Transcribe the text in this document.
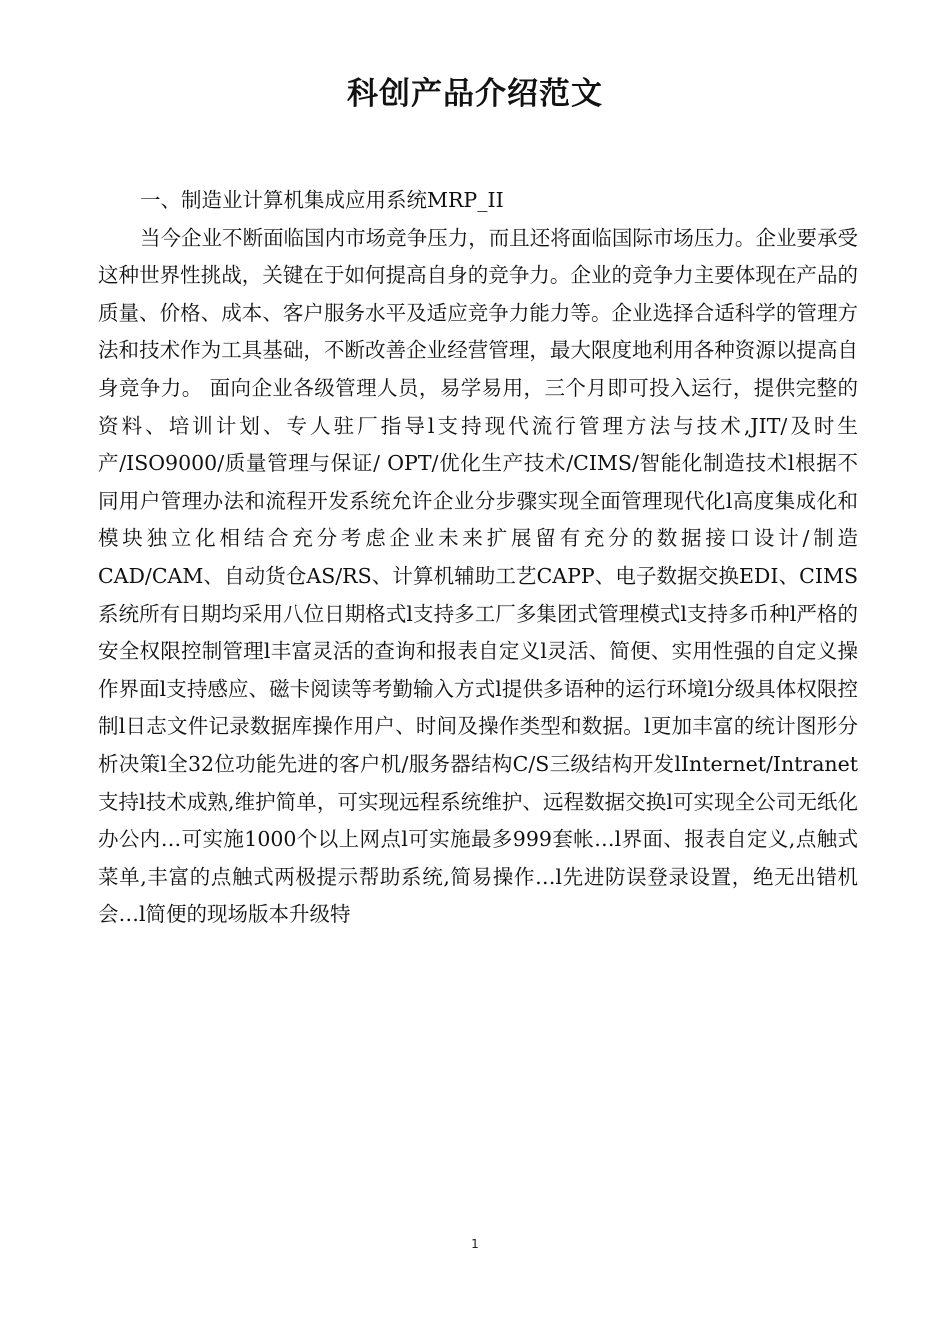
科创产品介绍范文

一、制造业计算机集成应用系统MRP_II

当今企业不断面临国内市场竞争压力，而且还将面临国际市场压力。企业要承受这种世界性挑战，关键在于如何提高自身的竞争力。企业的竞争力主要体现在产品的质量、价格、成本、客户服务水平及适应竞争力能力等。企业选择合适科学的管理方法和技术作为工具基础，不断改善企业经营管理，最大限度地利用各种资源以提高自身竞争力。 面向企业各级管理人员，易学易用，三个月即可投入运行，提供完整的资料、培训计划、专人驻厂指导l支持现代流行管理方法与技术,JIT/及时生产/ISO9000/质量管理与保证/ OPT/优化生产技术/CIMS/智能化制造技术l根据不同用户管理办法和流程开发系统允许企业分步骤实现全面管理现代化l高度集成化和模块独立化相结合充分考虑企业未来扩展留有充分的数据接口设计/制造CAD/CAM、自动货仓AS/RS、计算机辅助工艺CAPP、电子数据交换EDI、CIMS系统所有日期均采用八位日期格式l支持多工厂多集团式管理模式l支持多币种l严格的安全权限控制管理l丰富灵活的查询和报表自定义l灵活、简便、实用性强的自定义操作界面l支持感应、磁卡阅读等考勤输入方式l提供多语种的运行环境l分级具体权限控制l日志文件记录数据库操作用户、时间及操作类型和数据。l更加丰富的统计图形分析决策l全32位功能先进的客户机/服务器结构C/S三级结构开发lInternet/Intranet支持l技术成熟,维护简单，可实现远程系统维护、远程数据交换l可实现全公司无纸化办公内…可实施1000个以上网点l可实施最多999套帐…l界面、报表自定义,点触式菜单,丰富的点触式两极提示帮助系统,简易操作…l先进防误登录设置，绝无出错机会…l简便的现场版本升级特

1
